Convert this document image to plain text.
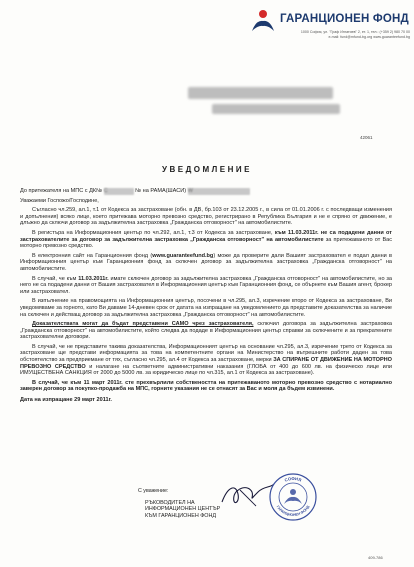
ГАРАНЦИОНЕН ФОНД
1000 София, ул. "Граф Игнатиев" 2, ет. 1, тел.: (+359 2) 980 70 00
e-mail: fund@mfund-bg.org www.guaranteefund.bg
42061
УВЕДОМЛЕНИЕ

До притежателя на МПС с ДК№ С	№ на РАМА(ШАСИ) W

Уважаеми Госпожо/Господине,

Съгласно чл.259, ал.1, т.1 от Кодекса за застраховане (обн. в ДВ, бр.103 от 23.12.2005 г., в сила от 01.01.2006 г. с последващи изменения и допълнения) всяко лице, което притежава моторно превозно средство, регистрирано в Република България и не е спряно от движение, е длъжно да сключи договор за задължителна застраховка „Гражданска отговорност" на автомобилистите.

В регистъра на Информационния център по чл.292, ал.1, т.3 от Кодекса за застраховане, към 11.03.2011г. не са подадени данни от застрахователите за договор за задължителна застраховка „Гражданска отговорност" на автомобилистите за притежаваното от Вас моторно превозно средство.

В електронния сайт на Гаранционния фонд (www.guaranteefund.bg) може да проверите дали Вашият застраховател е подал данни в Информационния център към Гаранционния фонд за сключен договор за задължителна застраховка „Гражданска отговорност" на автомобилистите.

В случай, че към 11.03.2011г. имате сключен договор за задължителна застраховка „Гражданска отговорност" на автомобилистите, но за него не са подадени данни от Вашия застраховател в Информационния център към Гаранционния фонд, се обърнете към Вашия агент, брокер или застраховател.

В изпълнение на правомощията на Информационния център, посочени в чл.295, ал.3, изречение второ от Кодекса за застраховане, Ви уведомяваме за горното, като Ви даваме 14-дневен срок от датата на изпращане на уведомлението да представите доказателства за наличие на сключен и действащ договор за задължителна застраховка „Гражданска отговорност" на автомобилистите.

Доказателствата могат да бъдат представени САМО чрез застрахователя, сключил договора за задължителна застраховка „Гражданска отговорност" на автомобилистите, който следва да подаде в Информационния център справки за сключените и за прекратените застрахователни договори.

В случай, че не представите такива доказателства, Информационният център на основание чл.295, ал.3, изречение трето от Кодекса за застраховане ще представи информацията за това на компетентните органи на Министерство на вътрешните работи даден за това обстоятелство за предприемане от тях, съгласно чл.295, ал.4 от Кодекса за застраховане, мерки ЗА СПИРАНЕ ОТ ДВИЖЕНИЕ НА МОТОРНО ПРЕВОЗНО СРЕДСТВО и налагане на съответните административни наказания (ГЛОБА от 400 до 600 лв. на физическо лице или ИМУЩЕСТВЕНА САНКЦИЯ от 2000 до 5000 лв. за юридическо лице по чл.315, ал.1 от Кодекса за застраховане).

В случай, че към 11 март 2011г. сте прехвърлили собствеността на притежаваното моторно превозно средство с нотариално заверен договор за покупко-продажба на МПС, горните указания не се отнасят за Вас и моля да бъдем извинени.

Дата на изпращане 29 март 2011г.

С уважение:
РЪКОВОДИТЕЛ НА
ИНФОРМАЦИОНЕН ЦЕНТЪР
КЪМ ГАРАНЦИОНЕН ФОНД
СОФИЯ
ГАРАНЦИОНЕН ФОНД
409-786
